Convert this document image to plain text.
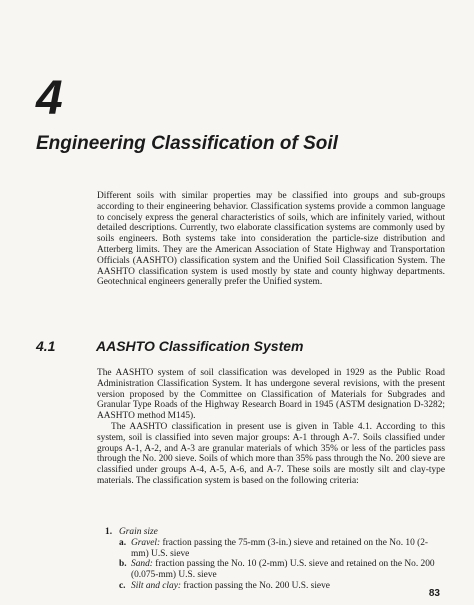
4
Engineering Classification of Soil
Different soils with similar properties may be classified into groups and sub-groups according to their engineering behavior. Classification systems provide a common language to concisely express the general characteristics of soils, which are infinitely varied, without detailed descriptions. Currently, two elaborate classification systems are commonly used by soils engineers. Both systems take into consideration the particle-size distribution and Atterberg limits. They are the American Association of State Highway and Transportation Officials (AASHTO) classification system and the Unified Soil Classification System. The AASHTO classification system is used mostly by state and county highway departments. Geotechnical engineers generally prefer the Unified system.
4.1	AASHTO Classification System

The AASHTO system of soil classification was developed in 1929 as the Public Road Administration Classification System. It has undergone several revisions, with the present version proposed by the Committee on Classification of Materials for Subgrades and Granular Type Roads of the Highway Research Board in 1945 (ASTM designation D-3282; AASHTO method M145).

The AASHTO classification in present use is given in Table 4.1. According to this system, soil is classified into seven major groups: A-1 through A-7. Soils classified under groups A-1, A-2, and A-3 are granular materials of which 35% or less of the particles pass through the No. 200 sieve. Soils of which more than 35% pass through the No. 200 sieve are classified under groups A-4, A-5, A-6, and A-7. These soils are mostly silt and clay-type materials. The classification system is based on the following criteria:

1. Grain size
a. Gravel: fraction passing the 75-mm (3-in.) sieve and retained on the No. 10 (2-mm) U.S. sieve
b. Sand: fraction passing the No. 10 (2-mm) U.S. sieve and retained on the No. 200 (0.075-mm) U.S. sieve
c. Silt and clay: fraction passing the No. 200 U.S. sieve
83
